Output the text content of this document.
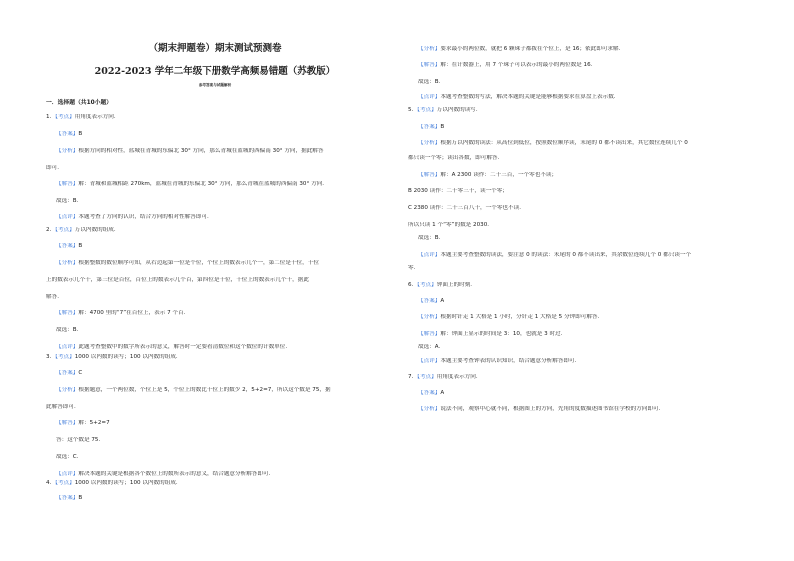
（期末押题卷）期末测试预测卷
2022-2023 学年二年级下册数学高频易错题（苏教版）
参考答案与试题解析
一．选择题（共10小题）
1．【考点】用角度表示方向.
【答案】B
【分析】根据方向的相对性，蓝城在青城的东偏北 30° 方向，那么青城在蓝城的西偏南 30° 方向，据此解答
即可.
【解答】解：青城和蓝城相距 270km，蓝城在青城的东偏北 30° 方向，那么青城在蓝城的西偏南 30° 方向.
故选：B.
【点评】本题考查了方向的认识，结合方向的相对性解答即可.
2．【考点】万以内数的组成.
【答案】B
【分析】根据整数的数位顺序可知，从右边起第一位是个位，个位上的数表示几个一，第二位是十位，十位
上的数表示几个十，第三位是百位，百位上的数表示几个百，第四位是千位，千位上的数表示几个千，据此
解答.
【解答】解：4700 里的“7”在百位上，表示 7 个百.
故选：B.
【点评】此题考查整数中的数字所表示的意义，解答时一定要看清数位和这个数位的计数单位.
3．【考点】1000 以内数的读写；100 以内数的组成.
【答案】C
【分析】根据题意，一个两位数，个位上是 5，个位上的数比十位上的数少 2，5+2=7，所以这个数是 75，据
此解答即可.
【解答】解：5+2=7
答：这个数是 75.
故选：C.
【点评】解决本题的关键是根据各个数位上的数所表示的意义，结合题意分析解答即可.
4．【考点】1000 以内数的读写；100 以内数的组成.
【答案】B
【分析】要求最小的两位数，就把 6 颗珠子都拨在个位上，是 16；依此即可求解.
【解答】解：在计数器上，用 7 个珠子可以表示的最小的两位数是 16.
故选：B.
【点评】本题考查整数的写法，解决本题的关键是能够根据要求在算盘上表示数.
5．【考点】万以内数的读写.
【答案】B
【分析】根据万以内数的读法：从高位到低位，按照数位顺序读，末尾的 0 都不读出来，其它数位连续几个 0
都只读一个零；读出各数，即可解答.
【解答】解：A 2300 读作：二千三百，一个零也不读；
B 2030 读作：二千零三十，读一个零；
C 2380 读作：二千三百八十，一个零也不读.
所以只读 1 个“零”的数是 2030.
故选：B.
【点评】本题主要考查整数的读法，要注意 0 的读法：末尾的 0 都不读出来，其余数位连续几个 0 都只读一个
零.
6．【考点】钟面上的时刻.
【答案】A
【分析】根据时针走 1 大格是 1 小时，分针走 1 大格是 5 分钟即可解答.
【解答】解：钟面上显示的时间是 3：10，也就是 3 时过.
故选：A.
【点评】本题主要考查钟表的认识知识，结合题意分析解答即可.
7．【考点】用角度表示方向.
【答案】A
【分析】说法不同，观察中心就不同，根据图上的方向，先角的度数描述图书馆在学校的方向即可.
